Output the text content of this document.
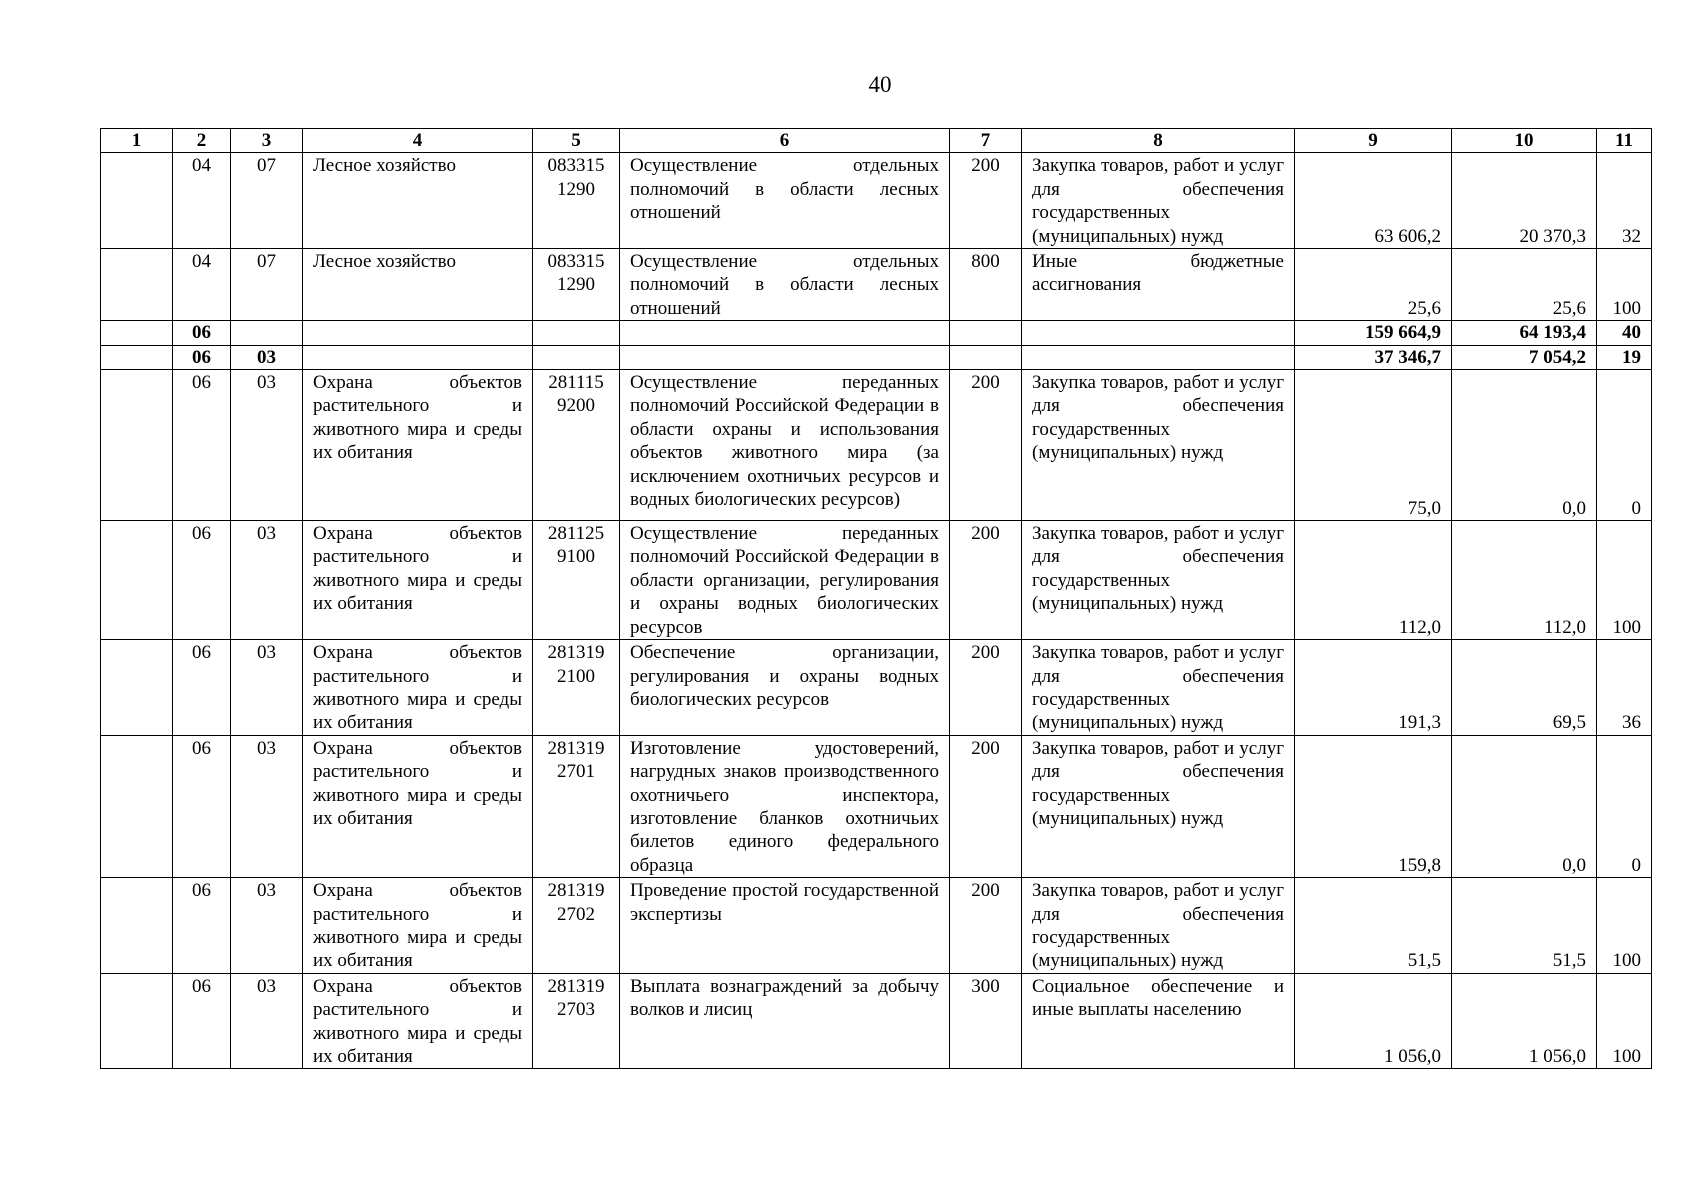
40
1	2	3	4	5	6	7	8	9	10	11
	04	07	Лесное хозяйство	083315 1290	Осуществление отдельных полномочий в области лесных отношений	200	Закупка товаров, работ и услуг для обеспечения государственных (муниципальных) нужд	63 606,2	20 370,3	32
	04	07	Лесное хозяйство	083315 1290	Осуществление отдельных полномочий в области лесных отношений	800	Иные бюджетные ассигнования	25,6	25,6	100
	06							159 664,9	64 193,4	40
	06	03						37 346,7	7 054,2	19
	06	03	Охрана объектов растительного и животного мира и среды их обитания	281115 9200	Осуществление переданных полномочий Российской Федерации в области охраны и использования объектов животного мира (за исключением охотничьих ресурсов и водных биологических ресурсов)	200	Закупка товаров, работ и услуг для обеспечения государственных (муниципальных) нужд	75,0	0,0	0
	06	03	Охрана объектов растительного и животного мира и среды их обитания	281125 9100	Осуществление переданных полномочий Российской Федерации в области организации, регулирования и охраны водных биологических ресурсов	200	Закупка товаров, работ и услуг для обеспечения государственных (муниципальных) нужд	112,0	112,0	100
	06	03	Охрана объектов растительного и животного мира и среды их обитания	281319 2100	Обеспечение организации, регулирования и охраны водных биологических ресурсов	200	Закупка товаров, работ и услуг для обеспечения государственных (муниципальных) нужд	191,3	69,5	36
	06	03	Охрана объектов растительного и животного мира и среды их обитания	281319 2701	Изготовление удостоверений, нагрудных знаков производственного охотничьего инспектора, изготовление бланков охотничьих билетов единого федерального образца	200	Закупка товаров, работ и услуг для обеспечения государственных (муниципальных) нужд	159,8	0,0	0
	06	03	Охрана объектов растительного и животного мира и среды их обитания	281319 2702	Проведение простой государственной экспертизы	200	Закупка товаров, работ и услуг для обеспечения государственных (муниципальных) нужд	51,5	51,5	100
	06	03	Охрана объектов растительного и животного мира и среды их обитания	281319 2703	Выплата вознаграждений за добычу волков и лисиц	300	Социальное обеспечение и иные выплаты населению	1 056,0	1 056,0	100
